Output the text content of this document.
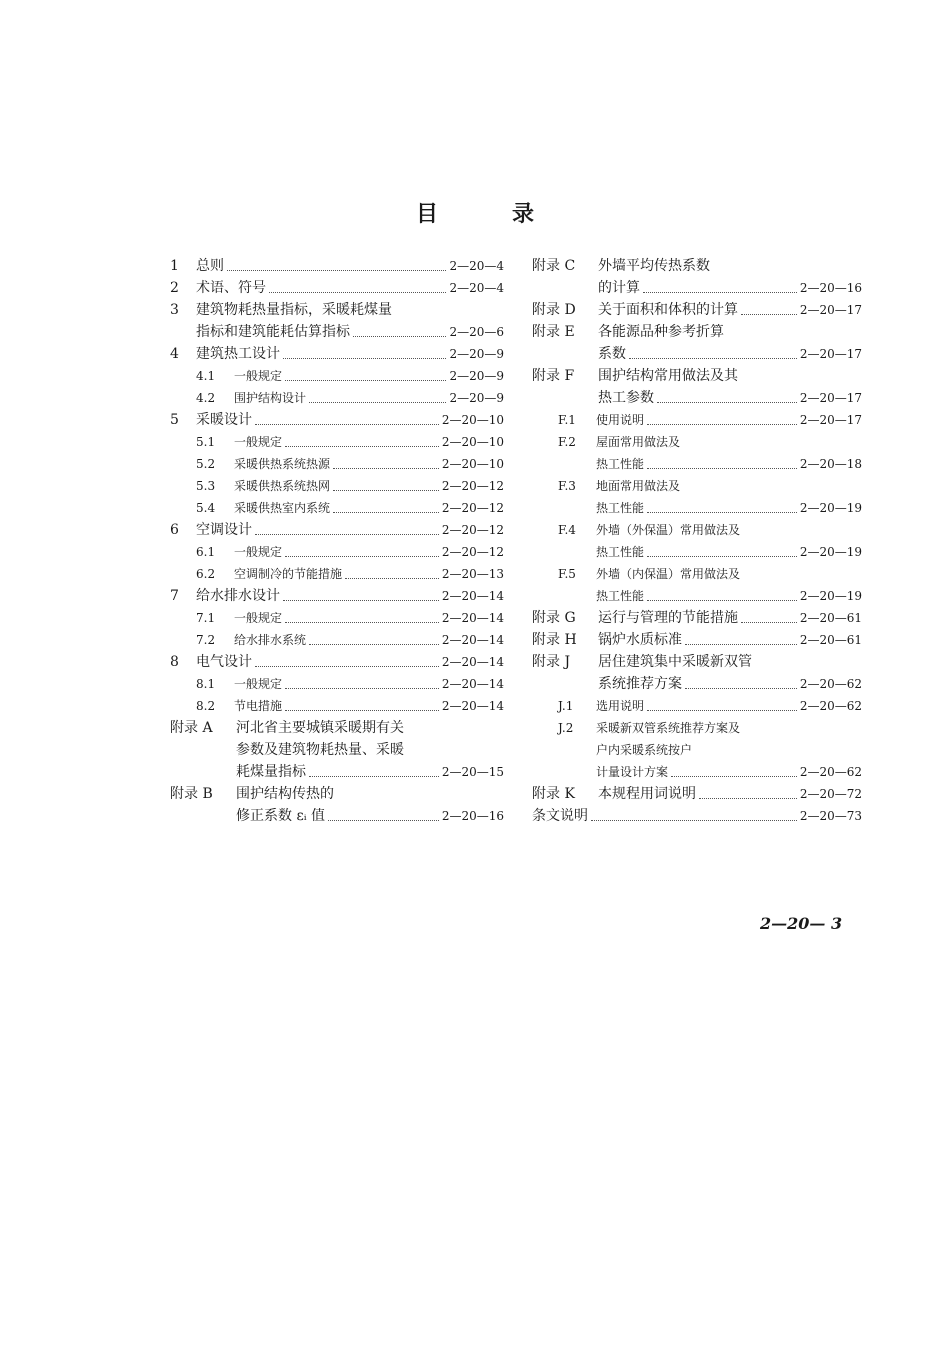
目	录
1	总则	2—20—4
2	术语、符号	2—20—4
3	建筑物耗热量指标，采暖耗煤量
指标和建筑能耗估算指标	2—20—6
4	建筑热工设计	2—20—9
4.1	一般规定	2—20—9
4.2	围护结构设计	2—20—9
5	采暖设计	2—20—10
5.1	一般规定	2—20—10
5.2	采暖供热系统热源	2—20—10
5.3	采暖供热系统热网	2—20—12
5.4	采暖供热室内系统	2—20—12
6	空调设计	2—20—12
6.1	一般规定	2—20—12
6.2	空调制冷的节能措施	2—20—13
7	给水排水设计	2—20—14
7.1	一般规定	2—20—14
7.2	给水排水系统	2—20—14
8	电气设计	2—20—14
8.1	一般规定	2—20—14
8.2	节电措施	2—20—14
附录 A	河北省主要城镇采暖期有关
参数及建筑物耗热量、采暖
耗煤量指标	2—20—15
附录 B	围护结构传热的
修正系数 εᵢ 值	2—20—16
附录 C	外墙平均传热系数
的计算	2—20—16
附录 D	关于面积和体积的计算	2—20—17
附录 E	各能源品种参考折算
系数	2—20—17
附录 F	围护结构常用做法及其
热工参数	2—20—17
F.1	使用说明	2—20—17
F.2	屋面常用做法及
热工性能	2—20—18
F.3	地面常用做法及
热工性能	2—20—19
F.4	外墙（外保温）常用做法及
热工性能	2—20—19
F.5	外墙（内保温）常用做法及
热工性能	2—20—19
附录 G	运行与管理的节能措施	2—20—61
附录 H	锅炉水质标准	2—20—61
附录 J	居住建筑集中采暖新双管
系统推荐方案	2—20—62
J.1	选用说明	2—20—62
J.2	采暖新双管系统推荐方案及
户内采暖系统按户
计量设计方案	2—20—62
附录 K	本规程用词说明	2—20—72
条文说明	2—20—73
2—20— 3
